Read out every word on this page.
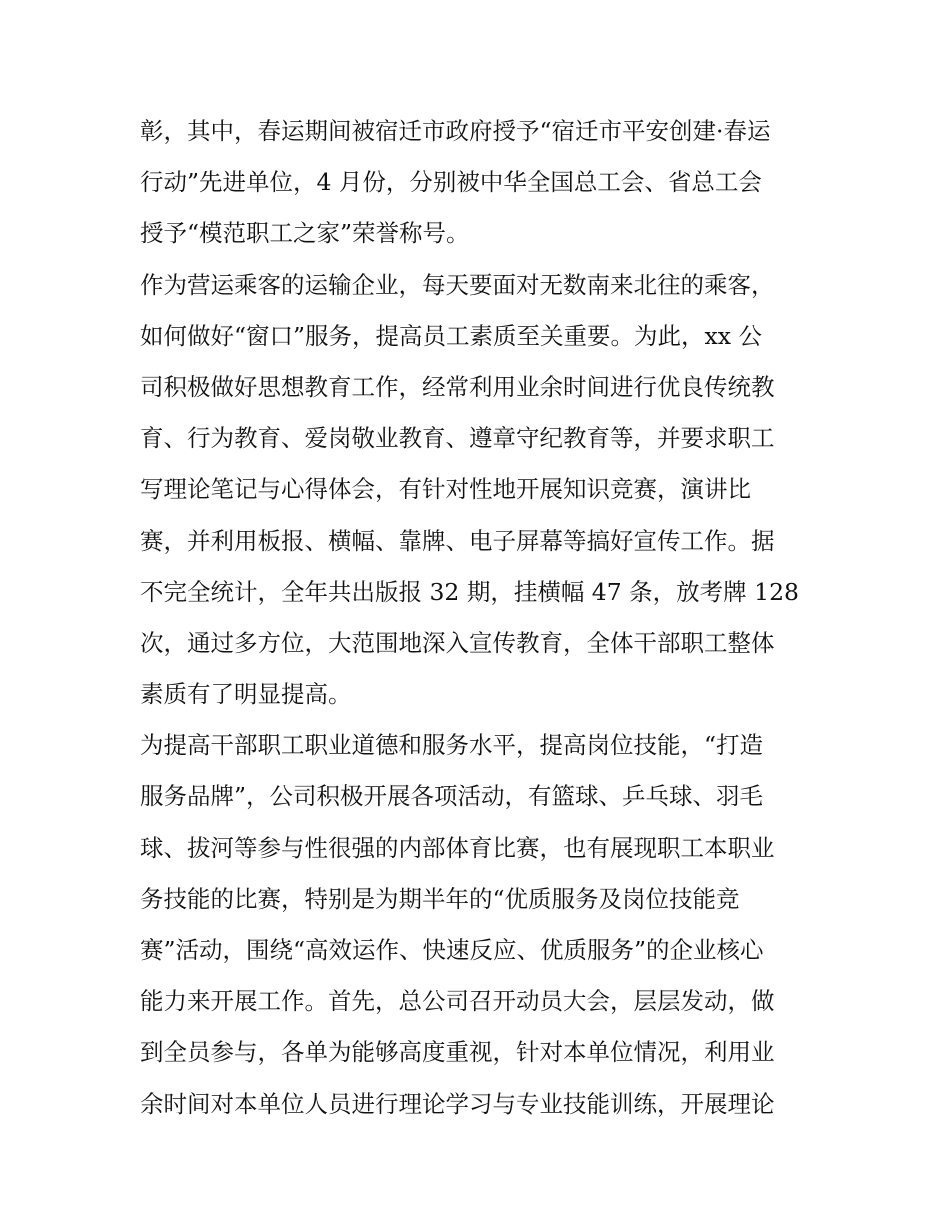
彰，其中，春运期间被宿迁市政府授予“宿迁市平安创建·春运
行动”先进单位，4 月份，分别被中华全国总工会、省总工会
授予“模范职工之家”荣誉称号。
作为营运乘客的运输企业，每天要面对无数南来北往的乘客，
如何做好“窗口”服务，提高员工素质至关重要。为此，xx 公
司积极做好思想教育工作，经常利用业余时间进行优良传统教
育、行为教育、爱岗敬业教育、遵章守纪教育等，并要求职工
写理论笔记与心得体会，有针对性地开展知识竞赛，演讲比
赛，并利用板报、横幅、靠牌、电子屏幕等搞好宣传工作。据
不完全统计，全年共出版报 32 期，挂横幅 47 条，放考牌 128
次，通过多方位，大范围地深入宣传教育，全体干部职工整体
素质有了明显提高。
为提高干部职工职业道德和服务水平，提高岗位技能，“打造
服务品牌”，公司积极开展各项活动，有篮球、乒乓球、羽毛
球、拔河等参与性很强的内部体育比赛，也有展现职工本职业
务技能的比赛，特别是为期半年的“优质服务及岗位技能竞
赛”活动，围绕“高效运作、快速反应、优质服务”的企业核心
能力来开展工作。首先，总公司召开动员大会，层层发动，做
到全员参与，各单为能够高度重视，针对本单位情况，利用业
余时间对本单位人员进行理论学习与专业技能训练，开展理论
